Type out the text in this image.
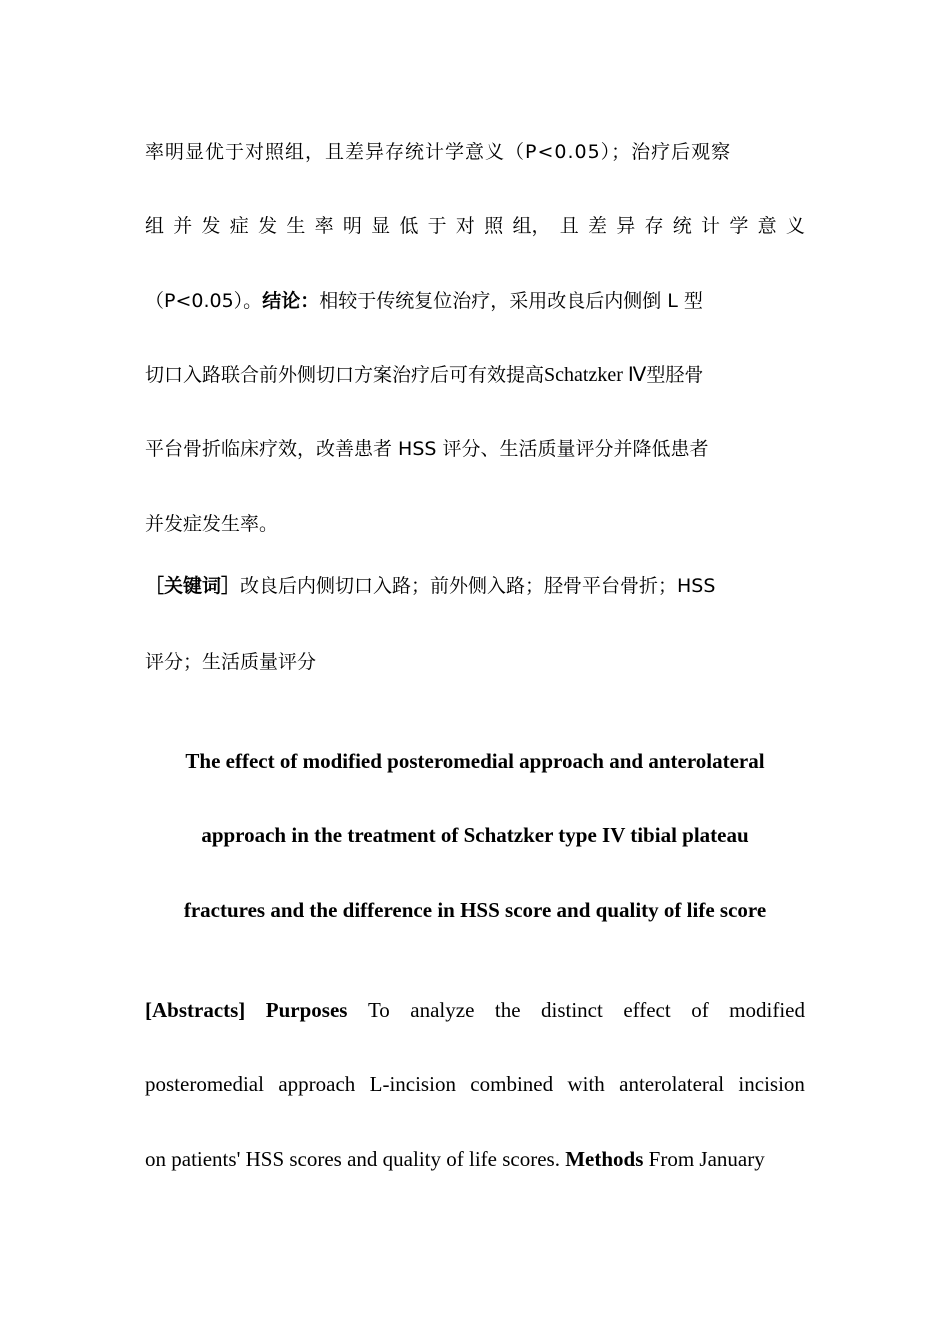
率明显优于对照组，且差异存统计学意义（P<0.05）；治疗后观察
组 并 发 症 发 生 率 明 显 低 于 对 照 组， 且 差 异 存 统 计 学 意 义
（P<0.05）。结论：相较于传统复位治疗，采用改良后内侧倒 L 型
切口入路联合前外侧切口方案治疗后可有效提高Schatzker Ⅳ型胫骨
平台骨折临床疗效，改善患者 HSS 评分、生活质量评分并降低患者
并发症发生率。
［关键词］改良后内侧切口入路；前外侧入路；胫骨平台骨折；HSS
评分；生活质量评分
The effect of modified posteromedial approach and anterolateral
approach in the treatment of Schatzker type IV tibial plateau
fractures and the difference in HSS score and quality of life score
[Abstracts] Purposes To analyze the distinct effect of modified
posteromedial approach L-incision combined with anterolateral incision
on patients' HSS scores and quality of life scores. Methods From January
